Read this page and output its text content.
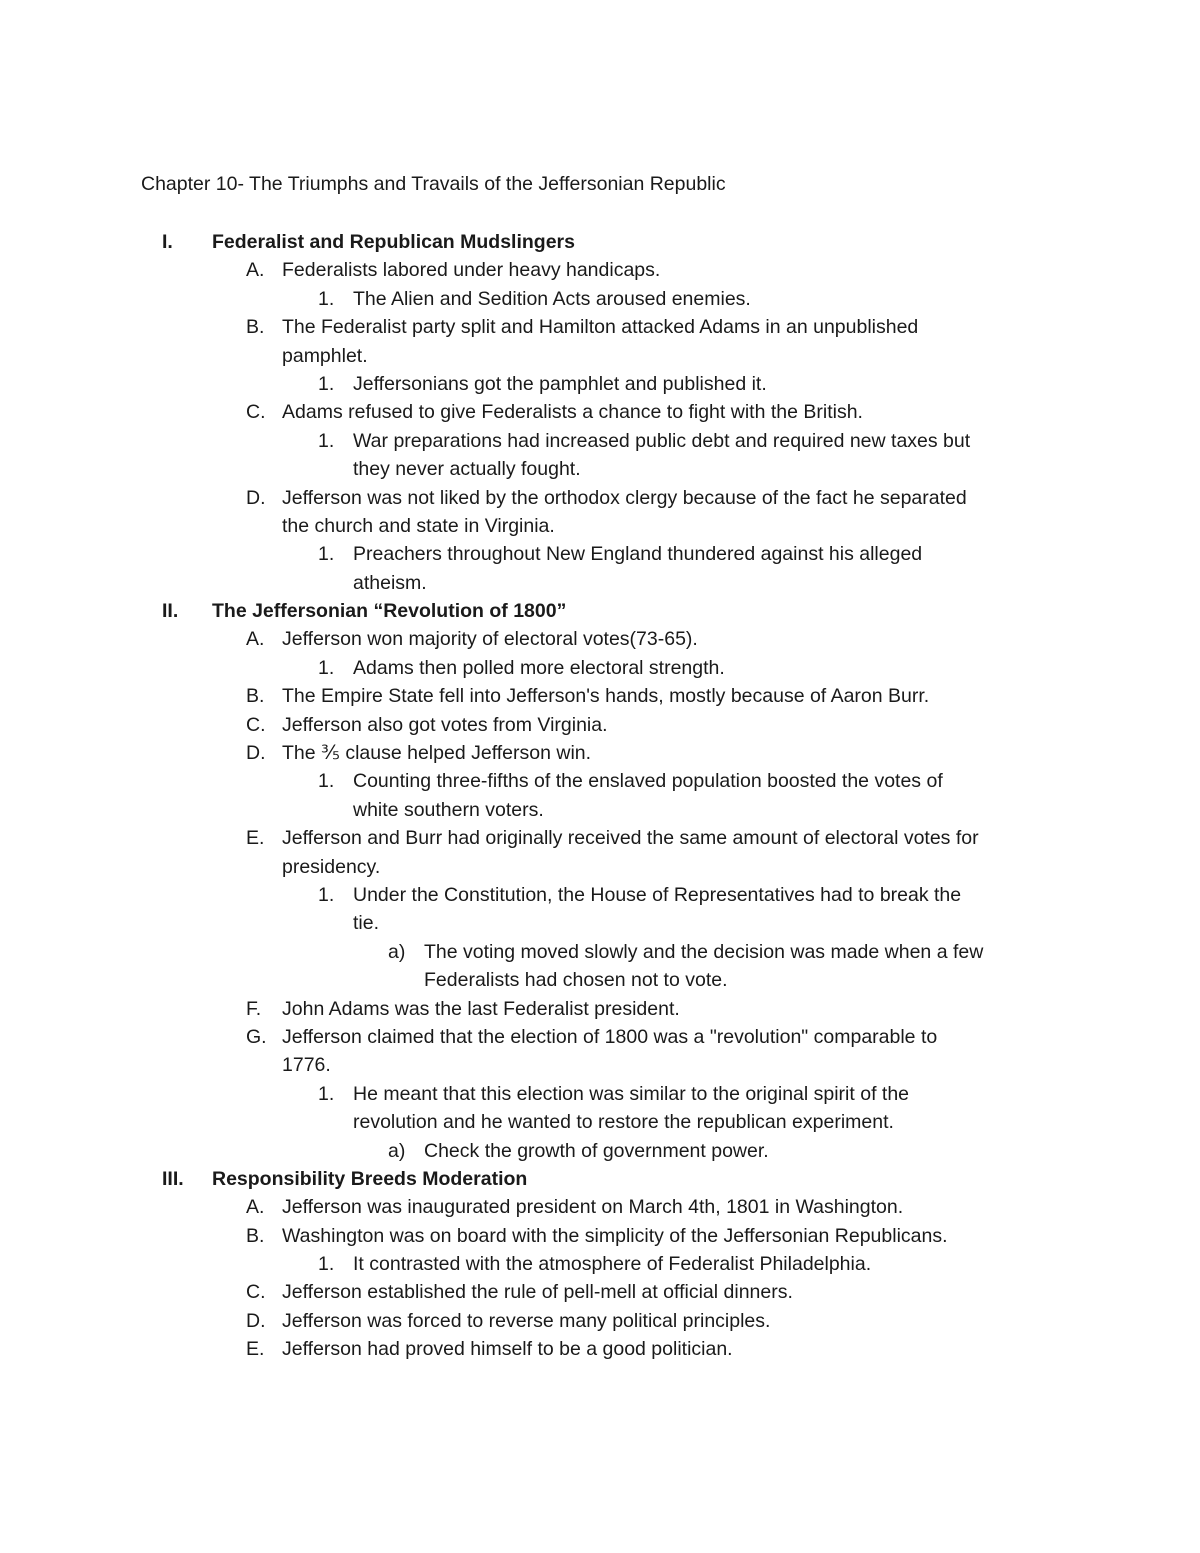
Chapter 10- The Triumphs and Travails of the Jeffersonian Republic
I. Federalist and Republican Mudslingers
A. Federalists labored under heavy handicaps.
1. The Alien and Sedition Acts aroused enemies.
B. The Federalist party split and Hamilton attacked Adams in an unpublished
pamphlet.
1. Jeffersonians got the pamphlet and published it.
C. Adams refused to give Federalists a chance to fight with the British.
1. War preparations had increased public debt and required new taxes but
they never actually fought.
D. Jefferson was not liked by the orthodox clergy because of the fact he separated
the church and state in Virginia.
1. Preachers throughout New England thundered against his alleged
atheism.
II. The Jeffersonian “Revolution of 1800”
A. Jefferson won majority of electoral votes(73-65).
1. Adams then polled more electoral strength.
B. The Empire State fell into Jefferson's hands, mostly because of Aaron Burr.
C. Jefferson also got votes from Virginia.
D. The ⅗ clause helped Jefferson win.
1. Counting three-fifths of the enslaved population boosted the votes of
white southern voters.
E. Jefferson and Burr had originally received the same amount of electoral votes for
presidency.
1. Under the Constitution, the House of Representatives had to break the
tie.
a) The voting moved slowly and the decision was made when a few
Federalists had chosen not to vote.
F. John Adams was the last Federalist president.
G. Jefferson claimed that the election of 1800 was a "revolution" comparable to
1776.
1. He meant that this election was similar to the original spirit of the
revolution and he wanted to restore the republican experiment.
a) Check the growth of government power.
III. Responsibility Breeds Moderation
A. Jefferson was inaugurated president on March 4th, 1801 in Washington.
B. Washington was on board with the simplicity of the Jeffersonian Republicans.
1. It contrasted with the atmosphere of Federalist Philadelphia.
C. Jefferson established the rule of pell-mell at official dinners.
D. Jefferson was forced to reverse many political principles.
E. Jefferson had proved himself to be a good politician.
